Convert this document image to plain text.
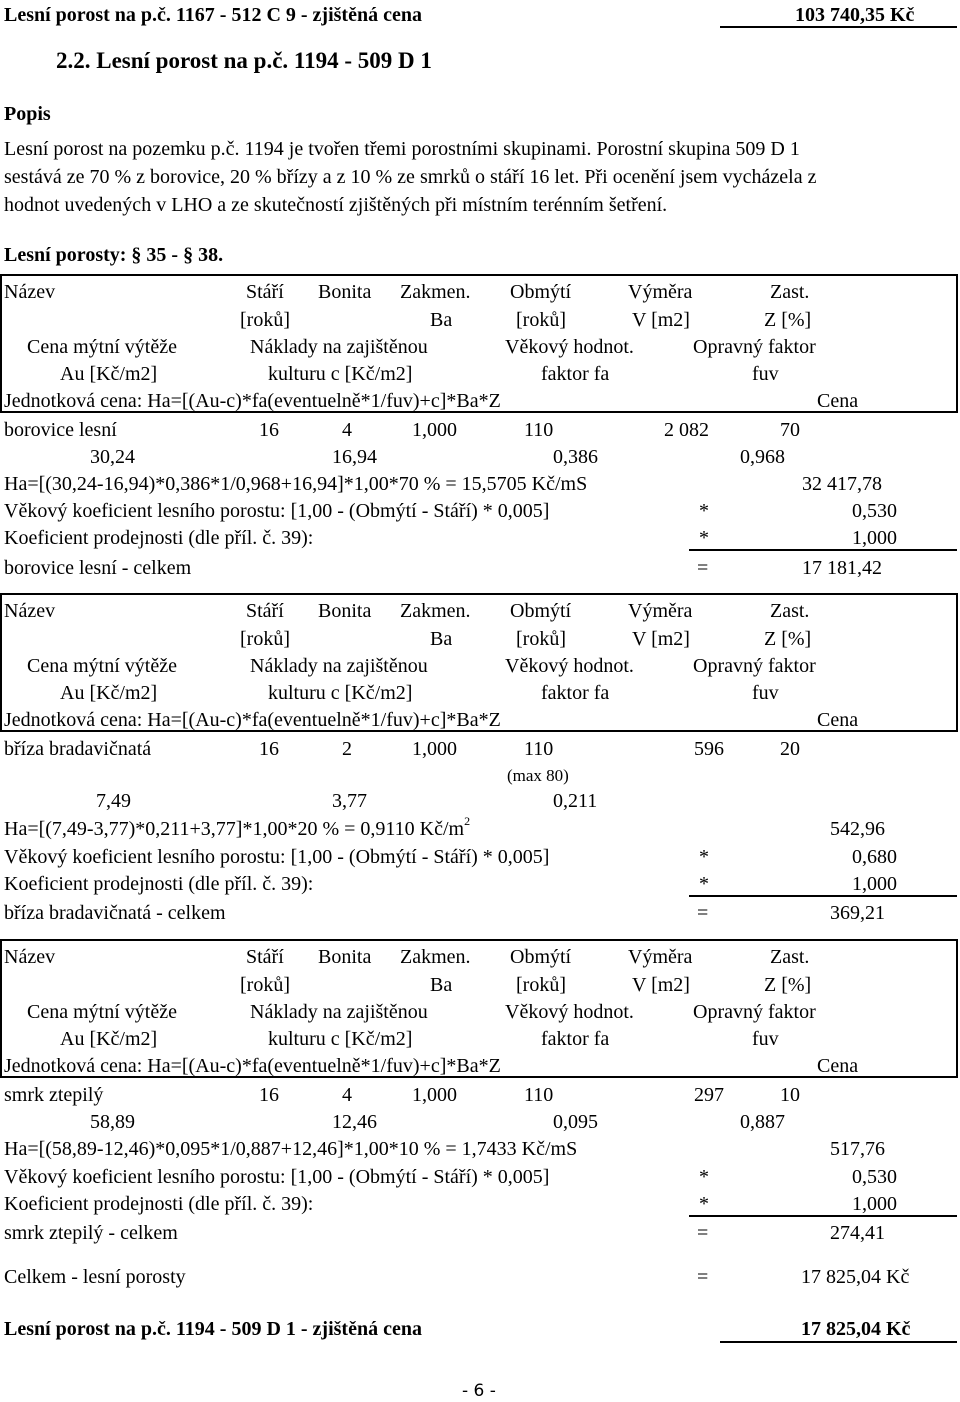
Lesní porost na p.č. 1167 - 512 C 9 - zjištěná cena	103 740,35 Kč
2.2. Lesní porost na p.č. 1194 - 509 D 1
Popis
Lesní porost na pozemku p.č. 1194 je tvořen třemi porostními skupinami. Porostní skupina 509 D 1
sestává ze 70 % z borovice, 20 % břízy a z 10 % ze smrků o stáří 16 let. Při ocenění jsem vycházela z
hodnot uvedených v LHO a ze skutečností zjištěných při místním terénním šetření.
Lesní porosty: § 35 - § 38.
Název	Stáří Bonita Zakmen. Obmýtí	Výměra	Zast.
[roků]	Ba	[roků]	V [m2]	Z [%]
Cena mýtní výtěže	Náklady na zajištěnou	Věkový hodnot.	Opravný faktor
Au [Kč/m2]	kulturu c [Kč/m2]	faktor fa	fuv
Jednotková cena: Ha=[(Au-c)*fa(eventuelně*1/fuv)+c]*Ba*Z	Cena
borovice lesní	16	4	1,000	110	2 082	70
30,24	16,94	0,386	0,968
Ha=[(30,24-16,94)*0,386*1/0,968+16,94]*1,00*70 % = 15,5705 Kč/mS	32 417,78
Věkový koeficient lesního porostu: [1,00 - (Obmýtí - Stáří) * 0,005]	*	0,530
Koeficient prodejnosti (dle příl. č. 39):	*	1,000
borovice lesní - celkem	=	17 181,42
Název	Stáří Bonita Zakmen. Obmýtí	Výměra	Zast.
[roků]	Ba	[roků]	V [m2]	Z [%]
Cena mýtní výtěže	Náklady na zajištěnou	Věkový hodnot.	Opravný faktor
Au [Kč/m2]	kulturu c [Kč/m2]	faktor fa	fuv
Jednotková cena: Ha=[(Au-c)*fa(eventuelně*1/fuv)+c]*Ba*Z	Cena
bříza bradavičnatá	16	2	1,000	110	596	20
(max 80)
7,49	3,77	0,211
Ha=[(7,49-3,77)*0,211+3,77]*1,00*20 % = 0,9110 $Kč/m^2$	542,96
Věkový koeficient lesního porostu: [1,00 - (Obmýtí - Stáří) * 0,005]	*	0,680
Koeficient prodejnosti (dle příl. č. 39):	*	1,000
bříza bradavičnatá - celkem	=	369,21
Název	Stáří Bonita Zakmen. Obmýtí	Výměra	Zast.
[roků]	Ba	[roků]	V [m2]	Z [%]
Cena mýtní výtěže	Náklady na zajištěnou	Věkový hodnot.	Opravný faktor
Au [Kč/m2]	kulturu c [Kč/m2]	faktor fa	fuv
Jednotková cena: Ha=[(Au-c)*fa(eventuelně*1/fuv)+c]*Ba*Z	Cena
smrk ztepilý	16	4	1,000	110	297	10
58,89	12,46	0,095	0,887
Ha=[(58,89-12,46)*0,095*1/0,887+12,46]*1,00*10 % = 1,7433 Kč/mS	517,76
Věkový koeficient lesního porostu: [1,00 - (Obmýtí - Stáří) * 0,005]	*	0,530
Koeficient prodejnosti (dle příl. č. 39):	*	1,000
smrk ztepilý - celkem	=	274,41
Celkem - lesní porosty	=	17 825,04 Kč
Lesní porost na p.č. 1194 - 509 D 1 - zjištěná cena	17 825,04 Kč
- 6 -
